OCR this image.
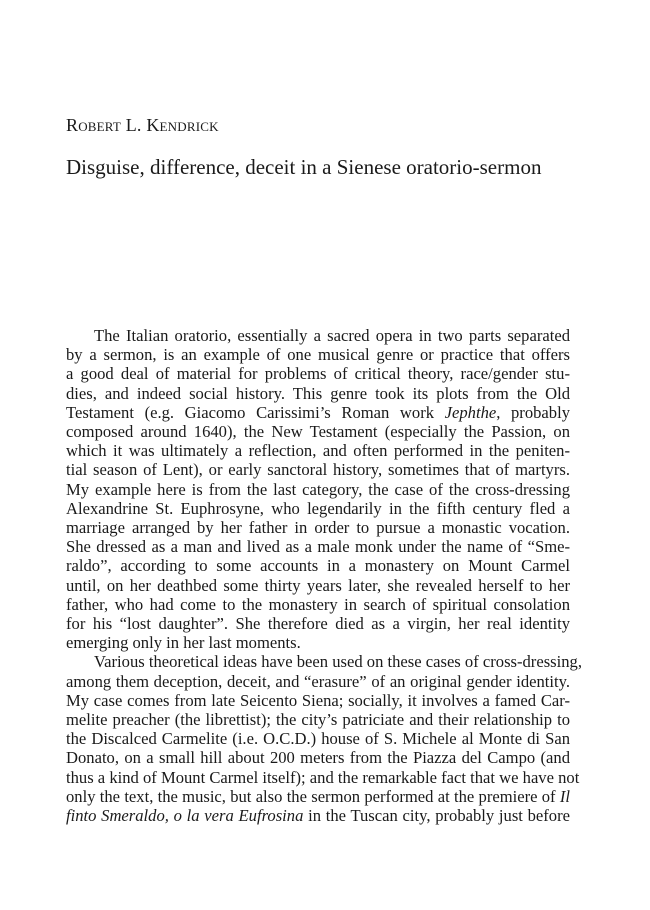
Robert L. Kendrick
Disguise, difference, deceit in a Sienese oratorio-sermon
The Italian oratorio, essentially a sacred opera in two parts separated
by a sermon, is an example of one musical genre or practice that offers
a good deal of material for problems of critical theory, race/gender stu-
dies, and indeed social history. This genre took its plots from the Old
Testament (e.g. Giacomo Carissimi’s Roman work Jephthe, probably
composed around 1640), the New Testament (especially the Passion, on
which it was ultimately a reflection, and often performed in the peniten-
tial season of Lent), or early sanctoral history, sometimes that of martyrs.
My example here is from the last category, the case of the cross-dressing
Alexandrine St. Euphrosyne, who legendarily in the fifth century fled a
marriage arranged by her father in order to pursue a monastic vocation.
She dressed as a man and lived as a male monk under the name of “Sme-
raldo”, according to some accounts in a monastery on Mount Carmel
until, on her deathbed some thirty years later, she revealed herself to her
father, who had come to the monastery in search of spiritual consolation
for his “lost daughter”. She therefore died as a virgin, her real identity
emerging only in her last moments.
Various theoretical ideas have been used on these cases of cross-dressing,
among them deception, deceit, and “erasure” of an original gender identity.
My case comes from late Seicento Siena; socially, it involves a famed Car-
melite preacher (the librettist); the city’s patriciate and their relationship to
the Discalced Carmelite (i.e. O.C.D.) house of S. Michele al Monte di San
Donato, on a small hill about 200 meters from the Piazza del Campo (and
thus a kind of Mount Carmel itself); and the remarkable fact that we have not
only the text, the music, but also the sermon performed at the premiere of Il
finto Smeraldo, o la vera Eufrosina in the Tuscan city, probably just before
